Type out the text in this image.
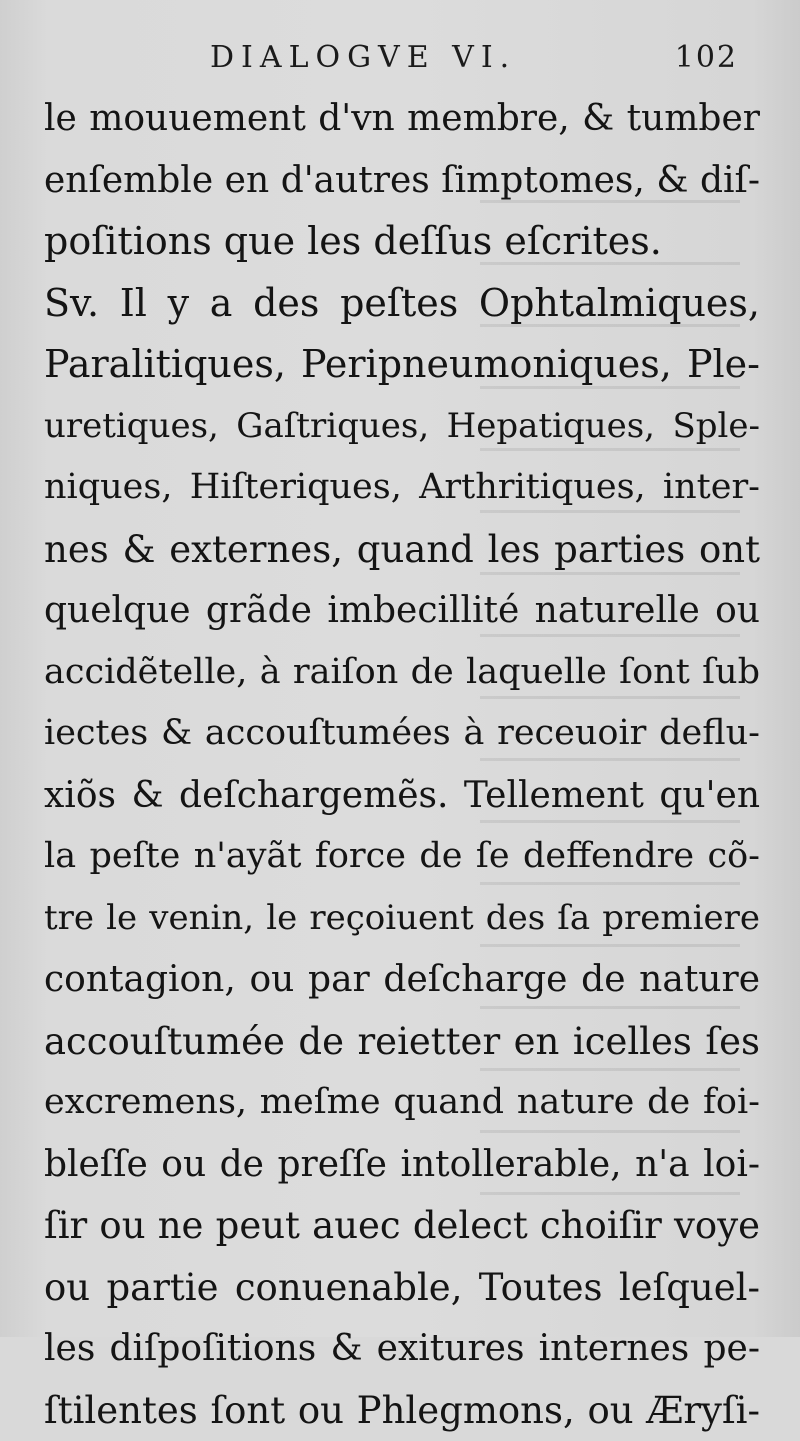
DIALOGVE VI.	102
le mouuement d'vn membre, & tumber
enſemble en d'autres ſimptomes, & diſ-
poſitions que les deſſus eſcrites.
Sv. Il y a des peſtes Ophtalmiques,
Paralitiques, Peripneumoniques, Ple-
uretiques, Gaſtriques, Hepatiques, Sple-
niques, Hiſteriques, Arthritiques, inter-
nes & externes, quand les parties ont
quelque grãde imbecillité naturelle ou
accidẽtelle, à raiſon de laquelle ſont ſub
iectes & accouſtumées à receuoir deflu-
xiõs & deſchargemẽs. Tellement qu'en
la peſte n'ayãt force de ſe deffendre cõ-
tre le venin, le reçoiuent des ſa premiere
contagion, ou par deſcharge de nature
accouſtumée de reietter en icelles ſes
excremens, meſme quand nature de foi-
bleſſe ou de preſſe intollerable, n'a loi-
ſir ou ne peut auec delect choiſir voye
ou partie conuenable, Toutes leſquel-
les diſpoſitions & exitures internes pe-
ſtilentes ſont ou Phlegmons, ou Æryſi-
